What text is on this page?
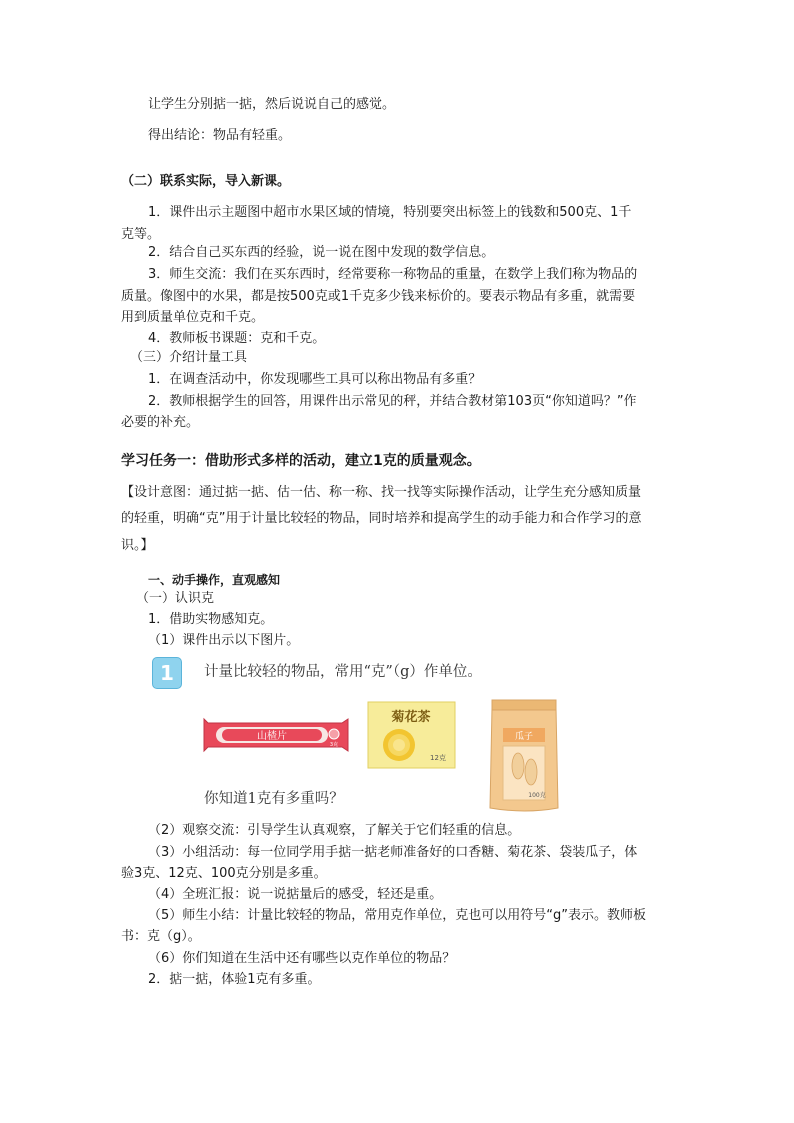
让学生分别掂一掂，然后说说自己的感觉。
得出结论：物品有轻重。
（二）联系实际，导入新课。
1．课件出示主题图中超市水果区域的情境，特别要突出标签上的钱数和500克、1千
克等。
2．结合自己买东西的经验，说一说在图中发现的数学信息。
3．师生交流：我们在买东西时，经常要称一称物品的重量，在数学上我们称为物品的
质量。像图中的水果，都是按500克或1千克多少钱来标价的。要表示物品有多重，就需要
用到质量单位克和千克。
4．教师板书课题：克和千克。
（三）介绍计量工具
1．在调查活动中，你发现哪些工具可以称出物品有多重？
2．教师根据学生的回答，用课件出示常见的秤，并结合教材第103页“你知道吗？”作
必要的补充。
学习任务一：借助形式多样的活动，建立1克的质量观念。
【设计意图：通过掂一掂、估一估、称一称、找一找等实际操作活动，让学生充分感知质量
的轻重，明确“克”用于计量比较轻的物品，同时培养和提高学生的动手能力和合作学习的意
识。】
一、动手操作，直观感知
（一）认识克
1．借助实物感知克。
（1）课件出示以下图片。
1	计量比较轻的物品，常用“克”（g）作单位。
山楂片
3克
菊花茶
12克
瓜子
100克
你知道1克有多重吗？
（2）观察交流：引导学生认真观察，了解关于它们轻重的信息。
（3）小组活动：每一位同学用手掂一掂老师准备好的口香糖、菊花茶、袋装瓜子，体
验3克、12克、100克分别是多重。
（4）全班汇报：说一说掂量后的感受，轻还是重。
（5）师生小结：计量比较轻的物品，常用克作单位，克也可以用符号“g”表示。教师板
书：克（g）。
（6）你们知道在生活中还有哪些以克作单位的物品？
2．掂一掂，体验1克有多重。
